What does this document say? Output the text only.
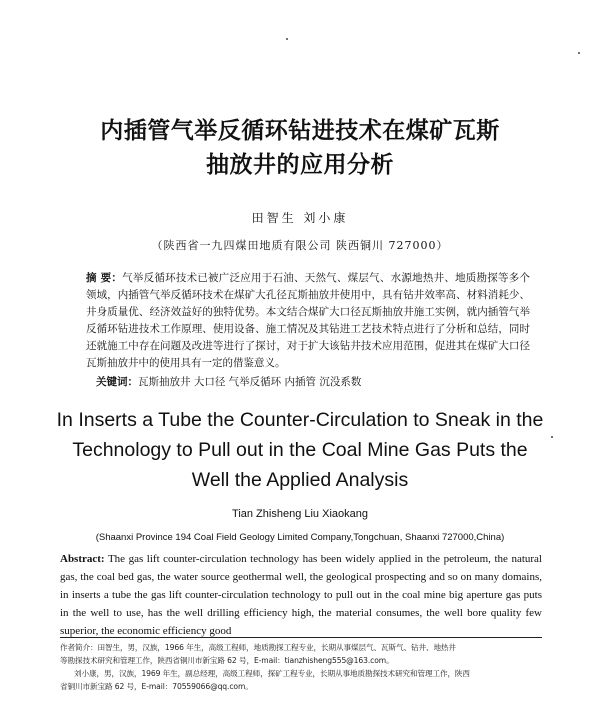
内插管气举反循环钻进技术在煤矿瓦斯
抽放井的应用分析
田智生 刘小康
（陕西省一九四煤田地质有限公司 陕西铜川 727000）
摘 要：气举反循环技术已被广泛应用于石油、天然气、煤层气、水源地热井、地质勘探等多个领域，内插管气举反循环技术在煤矿大孔径瓦斯抽放井使用中，具有钻井效率高、材料消耗少、井身质量优、经济效益好的独特优势。本文结合煤矿大口径瓦斯抽放井施工实例，就内插管气举反循环钻进技术工作原理、使用设备、施工情况及其钻进工艺技术特点进行了分析和总结，同时还就施工中存在问题及改进等进行了探讨，对于扩大该钻井技术应用范围，促进其在煤矿大口径瓦斯抽放井中的使用具有一定的借鉴意义。
关键词：瓦斯抽放井 大口径 气举反循环 内插管 沉没系数
In Inserts a Tube the Counter-Circulation to Sneak in the
Technology to Pull out in the Coal Mine Gas Puts the
Well the Applied Analysis
Tian Zhisheng Liu Xiaokang
(Shaanxi Province 194 Coal Field Geology Limited Company,Tongchuan, Shaanxi 727000,China)
Abstract: The gas lift counter-circulation technology has been widely applied in the petroleum, the natural gas, the coal bed gas, the water source geothermal well, the geological prospecting and so on many domains, in inserts a tube the gas lift counter-circulation technology to pull out in the coal mine big aperture gas puts in the well to use, has the well drilling efficiency high, the material consumes, the well bore quality few superior, the economic efficiency good

作者简介：田智生，男，汉族，1966 年生，高级工程师，地质勘探工程专业，长期从事煤层气、瓦斯气、钻井、地热井

等勘探技术研究和管理工作，陕西省铜川市新宝路 62 号，E-mail：tianzhisheng555@163.com。

刘小康，男，汉族，1969 年生，副总经理，高级工程师，探矿工程专业，长期从事地质勘探技术研究和管理工作，陕西

省铜川市新宝路 62 号，E-mail：70559066@qq.com。
